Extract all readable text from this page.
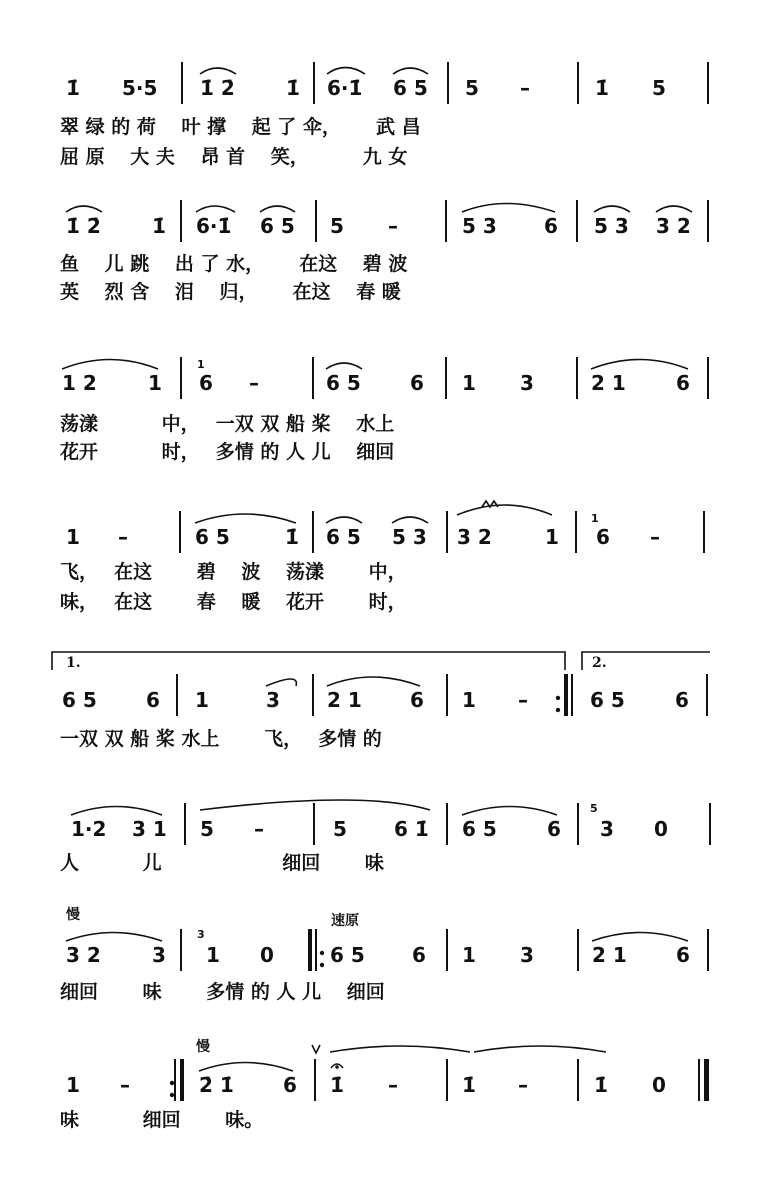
1̇ 5·5 1̇ 2̇	1̇ 6·1̇ 6 5 5 –	1̇ 5
翠 绿 的 荷　 叶 撑　 起 了 伞，　　 武 昌
屈 原　 大 夫　 昂 首　 笑，　　　 九 女
1̇ 2̇	1̇ 6·1̇ 6 5 5 –	5 3 6 5 3 3 2
鱼　 儿 跳　 出 了 水，　　 在这　 碧 波
英　 烈 含　 泪　 归，　　 在这　 春 暖
1 2	1 6 –	6 5 6 1 3	2 1	6
荡漾　　　 中，　 一双 双 船 桨　 水上
花开　　　 时，　 多情 的 人 儿　 细回
1 –	6 5	1̇ 6 5 5 3 3 2	1 6 –
飞，　 在这　　 碧　 波　 荡漾　　 中，
味，　 在这　　 春　 暖　 花开　　 时，
1.	2.
6 5 6 1	3 2 1 6 1 –	6 5	6
一双 双 船 桨 水上　　 飞，　 多情 的
1·2 3 1 5 –	5 6 1̇ 6 5	6 3 0
人　　　 儿　　　　　　 细回　　 味
慢	速原
3 2	3 1 0	6 5 6 1 3	2 1 6
细回　　 味　　 多情 的 人 儿　 细回
慢
1 –	2̇ 1̇ 6 1̇ –	1̇ –	1̇ 0
味　　　 细回　　 味。
1
1
5
3
